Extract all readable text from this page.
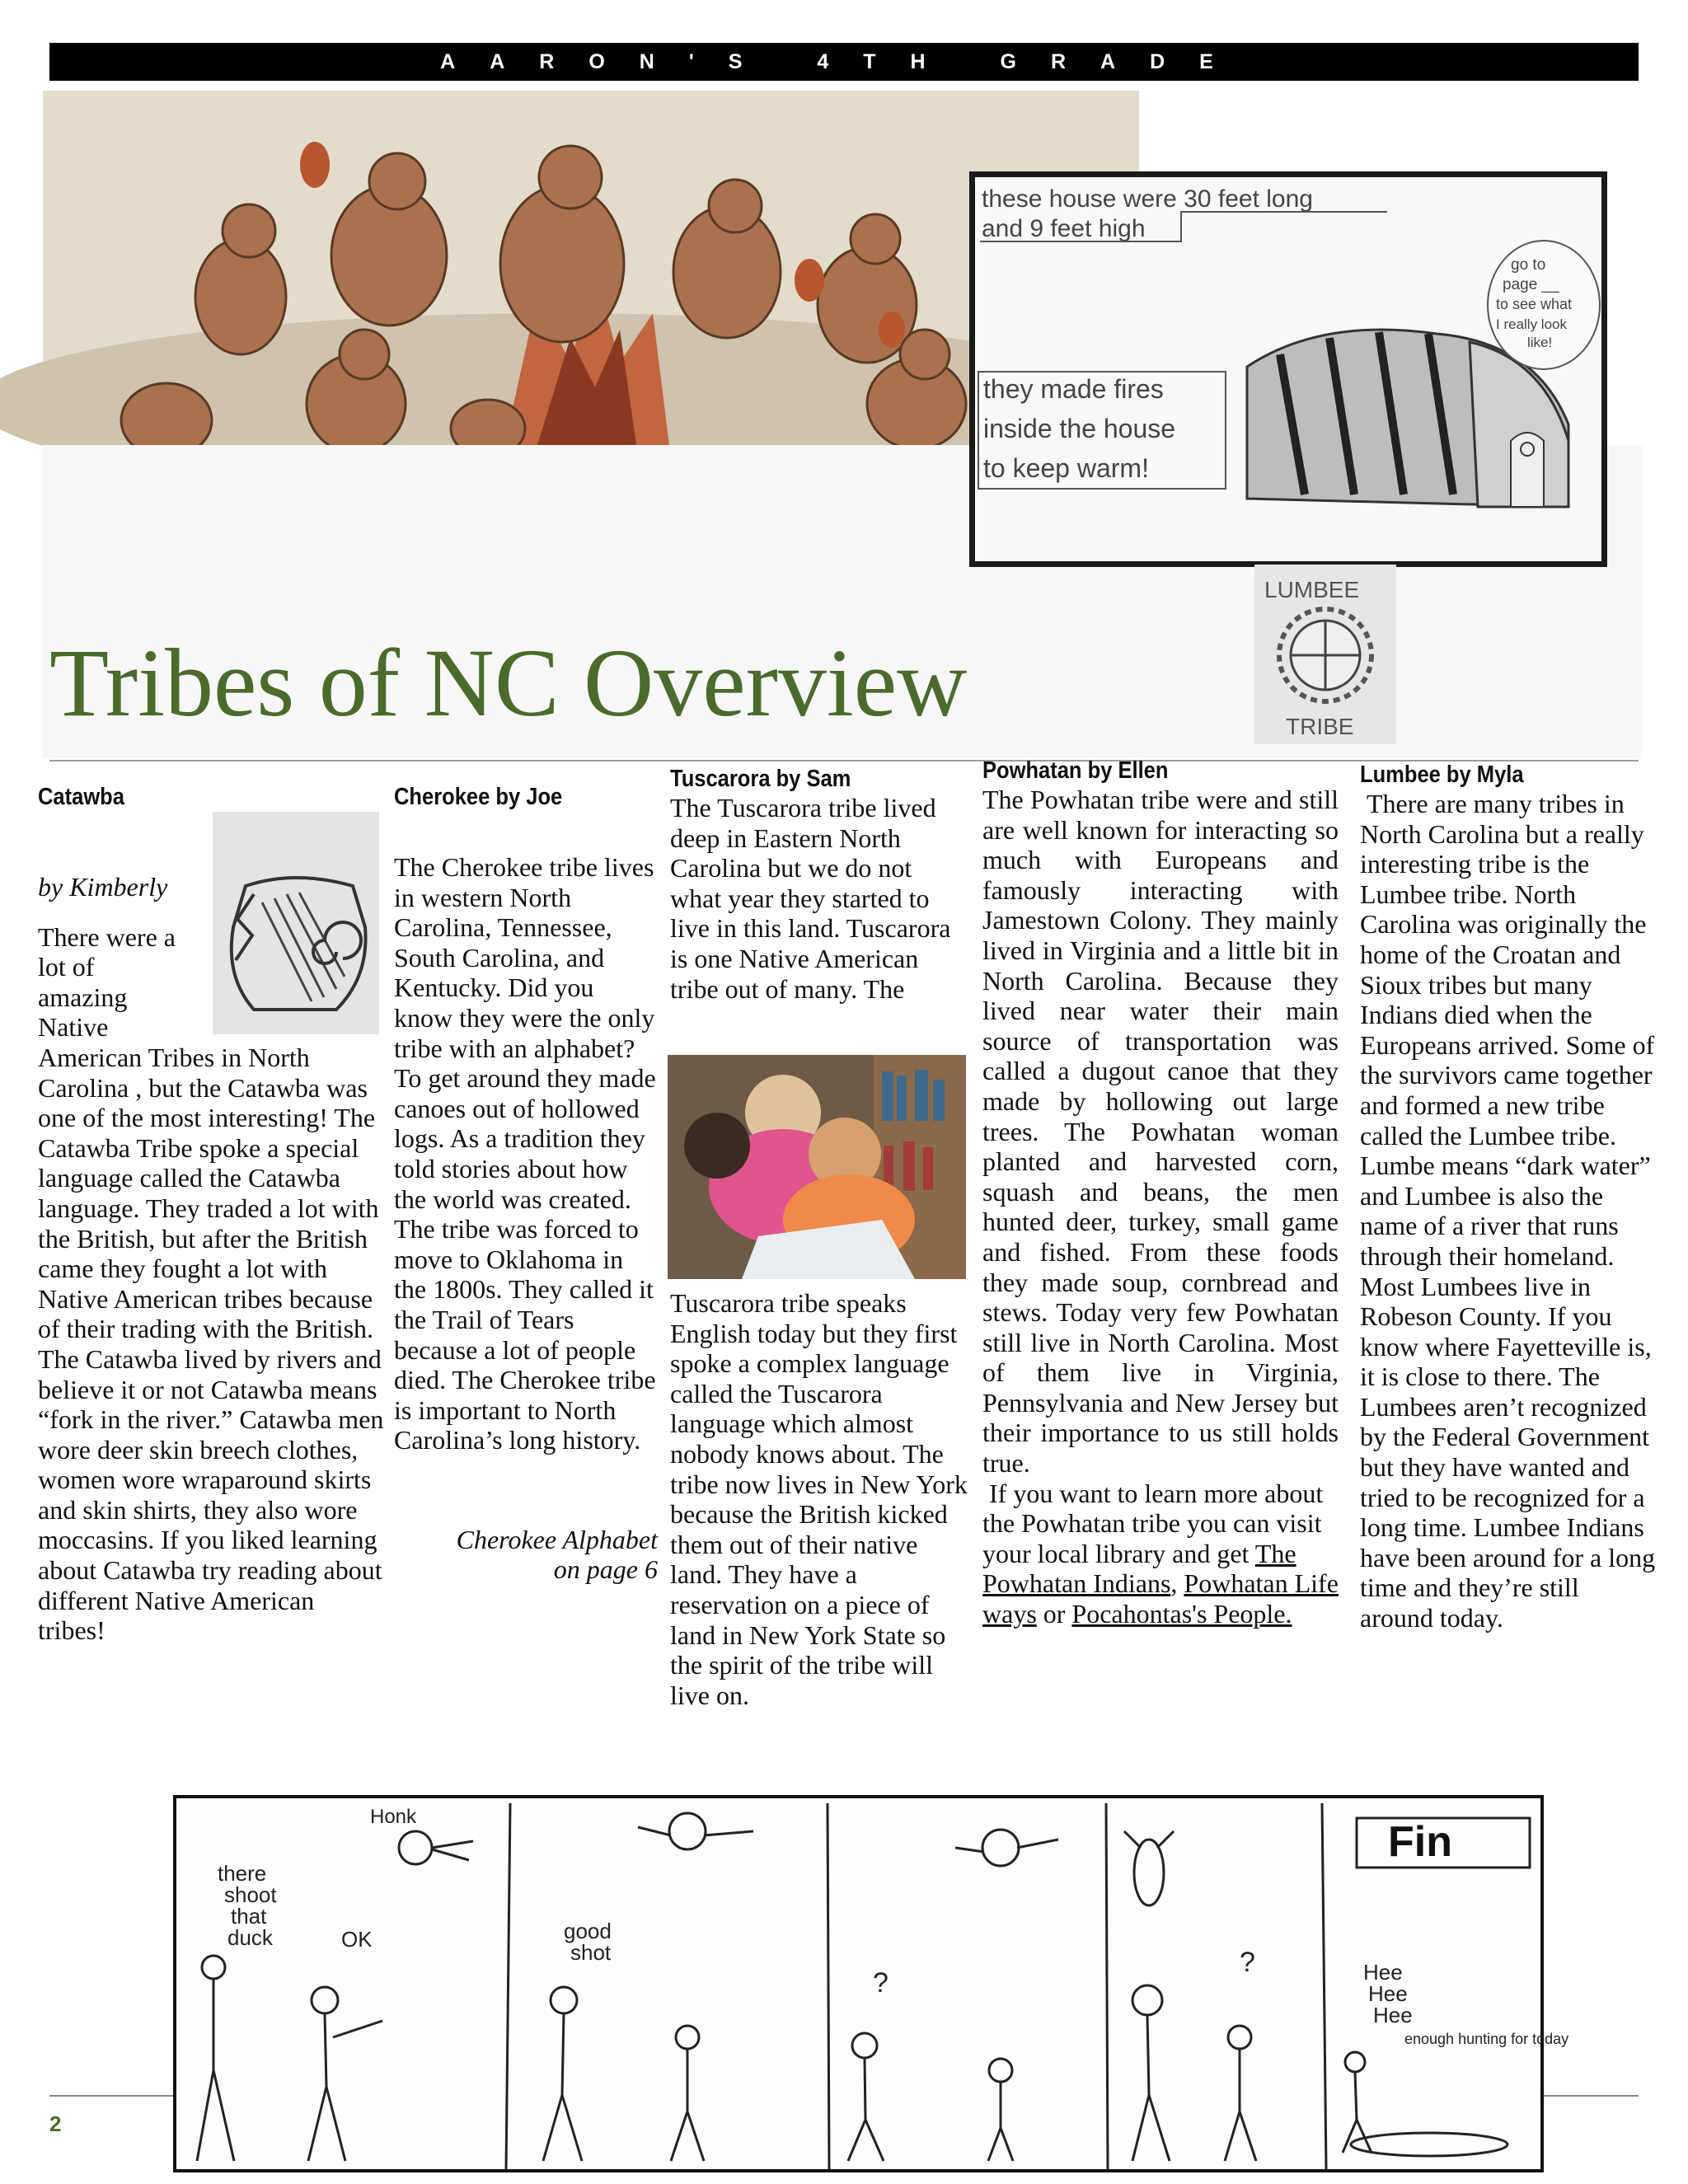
AARON'S 4TH GRADE
these house were 30 feet long
and 9 feet high
they made fires
inside the house
to keep warm!
go to
page __
to see what
I really look
like!
LUMBEE
TRIBE
Tribes of NC Overview
Catawba

by Kimberly

There were a

lot of

amazing

Native

American Tribes in North Carolina , but the Catawba was one of the most interesting! The Catawba Tribe spoke a special language called the Catawba language. They traded a lot with the British, but after the British came they fought a lot with Native American tribes because of their trading with the British. The Catawba lived by rivers and believe it or not Catawba means “fork in the river.” Catawba men wore deer skin breech clothes, women wore wraparound skirts and skin shirts, they also wore moccasins. If you liked learning about Catawba try reading about different Native American tribes!

Cherokee by Joe

The Cherokee tribe lives in western North Carolina, Tennessee, South Carolina, and Kentucky. Did you know they were the only tribe with an alphabet? To get around they made canoes out of hollowed logs. As a tradition they told stories about how the world was created. The tribe was forced to move to Oklahoma in the 1800s. They called it the Trail of Tears because a lot of people died. The Cherokee tribe is important to North Carolina’s long history.

Cherokee Alphabet

on page 6

Tuscarora by Sam

The Tuscarora tribe lived deep in Eastern North Carolina but we do not what year they started to live in this land. Tuscarora is one Native American tribe out of many. The

Tuscarora tribe speaks English today but they first spoke a complex language called the Tuscarora language which almost nobody knows about. The tribe now lives in New York because the British kicked them out of their native land. They have a reservation on a piece of land in New York State so the spirit of the tribe will live on.

Powhatan by Ellen

The Powhatan tribe were and still are well known for interacting so much with Europeans and famously interacting with Jamestown Colony. They mainly lived in Virginia and a little bit in North Carolina. Because they lived near water their main source of transportation was called a dugout canoe that they made by hollowing out large trees. The Powhatan woman planted and harvested corn, squash and beans, the men hunted deer, turkey, small game and fished. From these foods they made soup, cornbread and stews. Today very few Powhatan still live in North Carolina. Most of them live in Virginia, Pennsylvania and New Jersey but their importance to us still holds true.

If you want to learn more about the Powhatan tribe you can visit your local library and get The Powhatan Indians, Powhatan Life ways or Pocahontas's People.

Lumbee by Myla

There are many tribes in North Carolina but a really interesting tribe is the Lumbee tribe. North Carolina was originally the home of the Croatan and Sioux tribes but many Indians died when the Europeans arrived. Some of the survivors came together and formed a new tribe called the Lumbee tribe. Lumbe means “dark water” and Lumbee is also the name of a river that runs through their homeland. Most Lumbees live in Robeson County. If you know where Fayetteville is, it is close to there. The Lumbees aren’t recognized by the Federal Government but they have wanted and tried to be recognized for a long time. Lumbee Indians have been around for a long time and they’re still around today.

there
shoot
that
duck	OK
Honk
good
shot
?
?
Fin
Hee
Hee
Hee
enough hunting for today
2
